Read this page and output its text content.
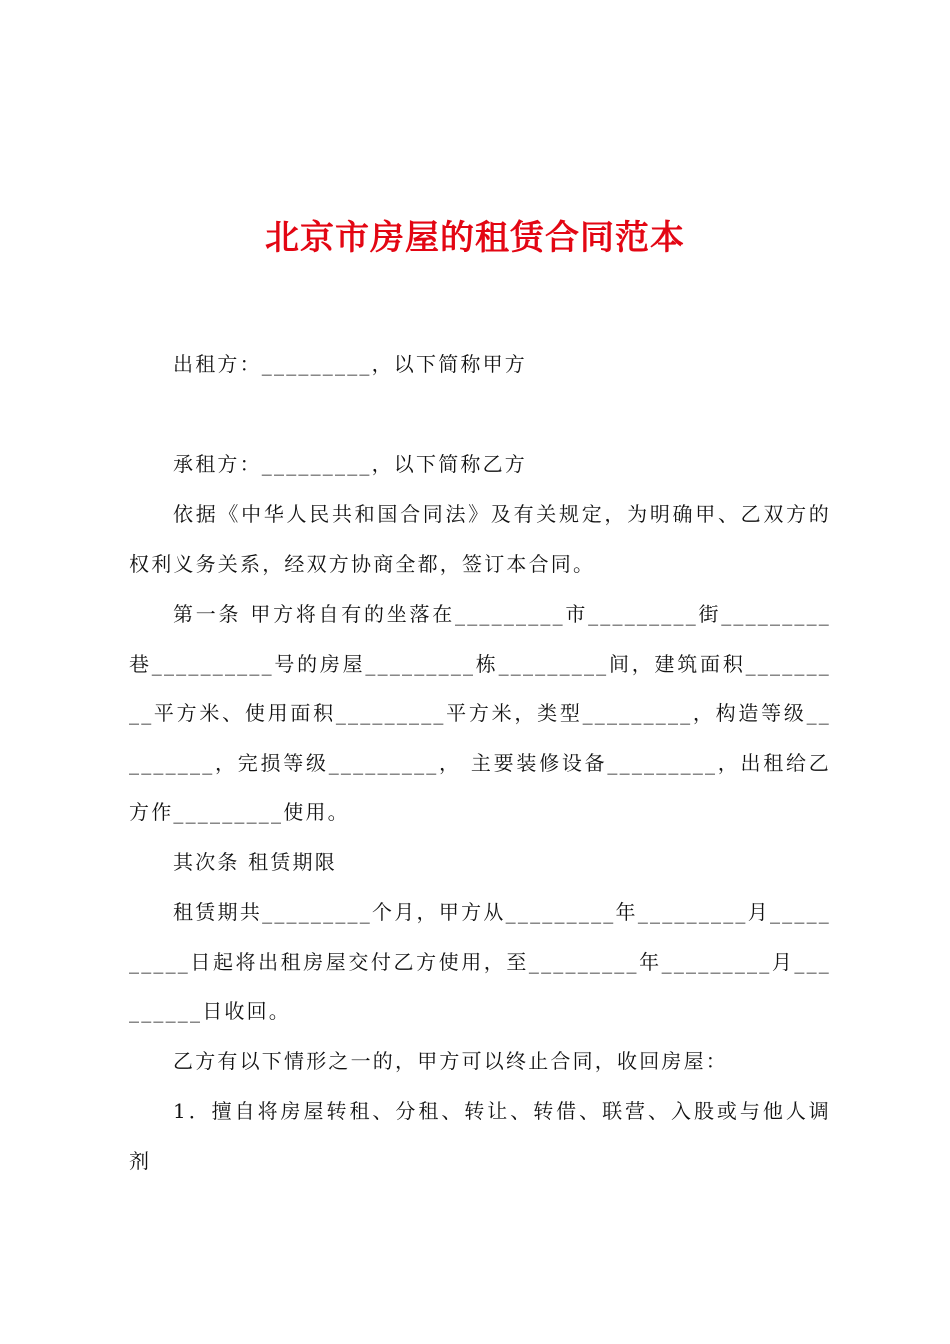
北京市房屋的租赁合同范本

出租方：_________，以下简称甲方

承租方：_________，以下简称乙方

依据《中华人民共和国合同法》及有关规定，为明确甲、乙双方的权利义务关系，经双方协商全都，签订本合同。

第一条 甲方将自有的坐落在_________市_________街_________巷__________号的房屋_________栋_________间，建筑面积_________平方米、使用面积_________平方米，类型_________，构造等级_________，完损等级_________， 主要装修设备_________，出租给乙方作_________使用。

其次条 租赁期限

租赁期共_________个月，甲方从_________年_________月__________日起将出租房屋交付乙方使用，至_________年_________月_________日收回。

乙方有以下情形之一的，甲方可以终止合同，收回房屋：

1．擅自将房屋转租、分租、转让、转借、联营、入股或与他人调剂
